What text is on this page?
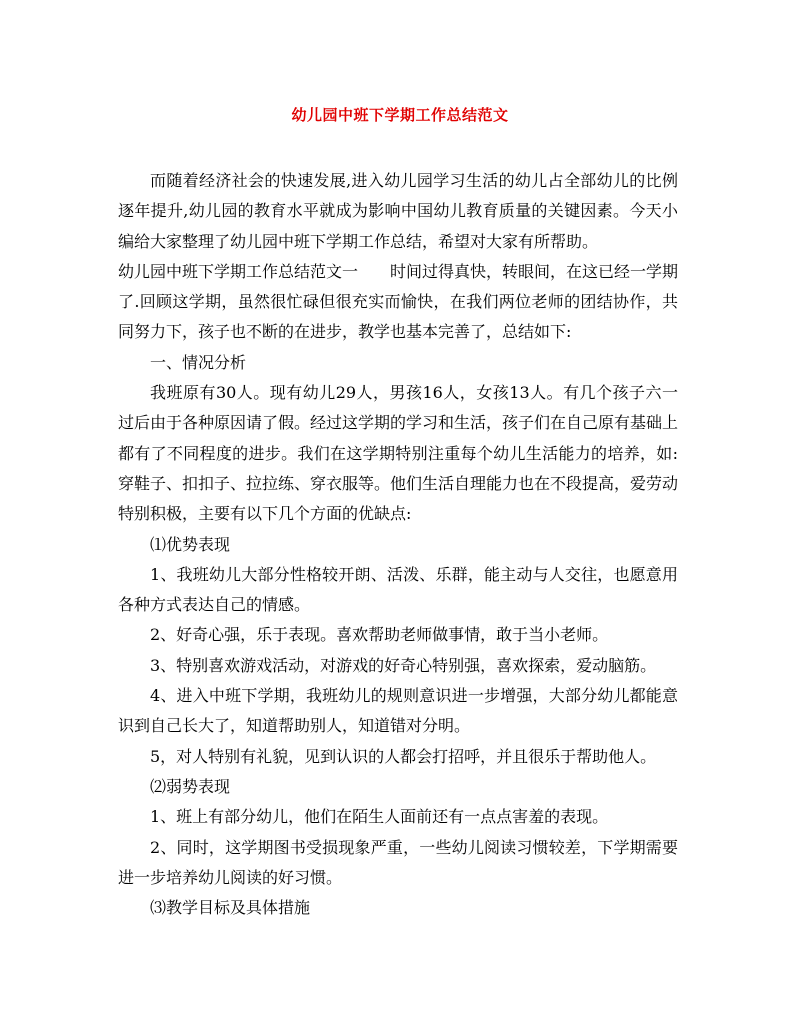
幼儿园中班下学期工作总结范文

而随着经济社会的快速发展,进入幼儿园学习生活的幼儿占全部幼儿的比例逐年提升,幼儿园的教育水平就成为影响中国幼儿教育质量的关键因素。今天小编给大家整理了幼儿园中班下学期工作总结，希望对大家有所帮助。

幼儿园中班下学期工作总结范文一　　时间过得真快，转眼间，在这已经一学期了.回顾这学期，虽然很忙碌但很充实而愉快，在我们两位老师的团结协作，共同努力下，孩子也不断的在进步，教学也基本完善了，总结如下:

一、情况分析

我班原有30人。现有幼儿29人，男孩16人，女孩13人。有几个孩子六一过后由于各种原因请了假。经过这学期的学习和生活，孩子们在自己原有基础上都有了不同程度的进步。我们在这学期特别注重每个幼儿生活能力的培养，如:穿鞋子、扣扣子、拉拉练、穿衣服等。他们生活自理能力也在不段提高，爱劳动特别积极，主要有以下几个方面的优缺点:

⑴优势表现

1、我班幼儿大部分性格较开朗、活泼、乐群，能主动与人交往，也愿意用各种方式表达自己的情感。

2、好奇心强，乐于表现。喜欢帮助老师做事情，敢于当小老师。

3、特别喜欢游戏活动，对游戏的好奇心特别强，喜欢探索，爱动脑筋。

4、进入中班下学期，我班幼儿的规则意识进一步增强，大部分幼儿都能意识到自己长大了，知道帮助别人，知道错对分明。

5，对人特别有礼貌，见到认识的人都会打招呼，并且很乐于帮助他人。

⑵弱势表现

1、班上有部分幼儿，他们在陌生人面前还有一点点害羞的表现。

2、同时，这学期图书受损现象严重，一些幼儿阅读习惯较差，下学期需要进一步培养幼儿阅读的好习惯。

⑶教学目标及具体措施
